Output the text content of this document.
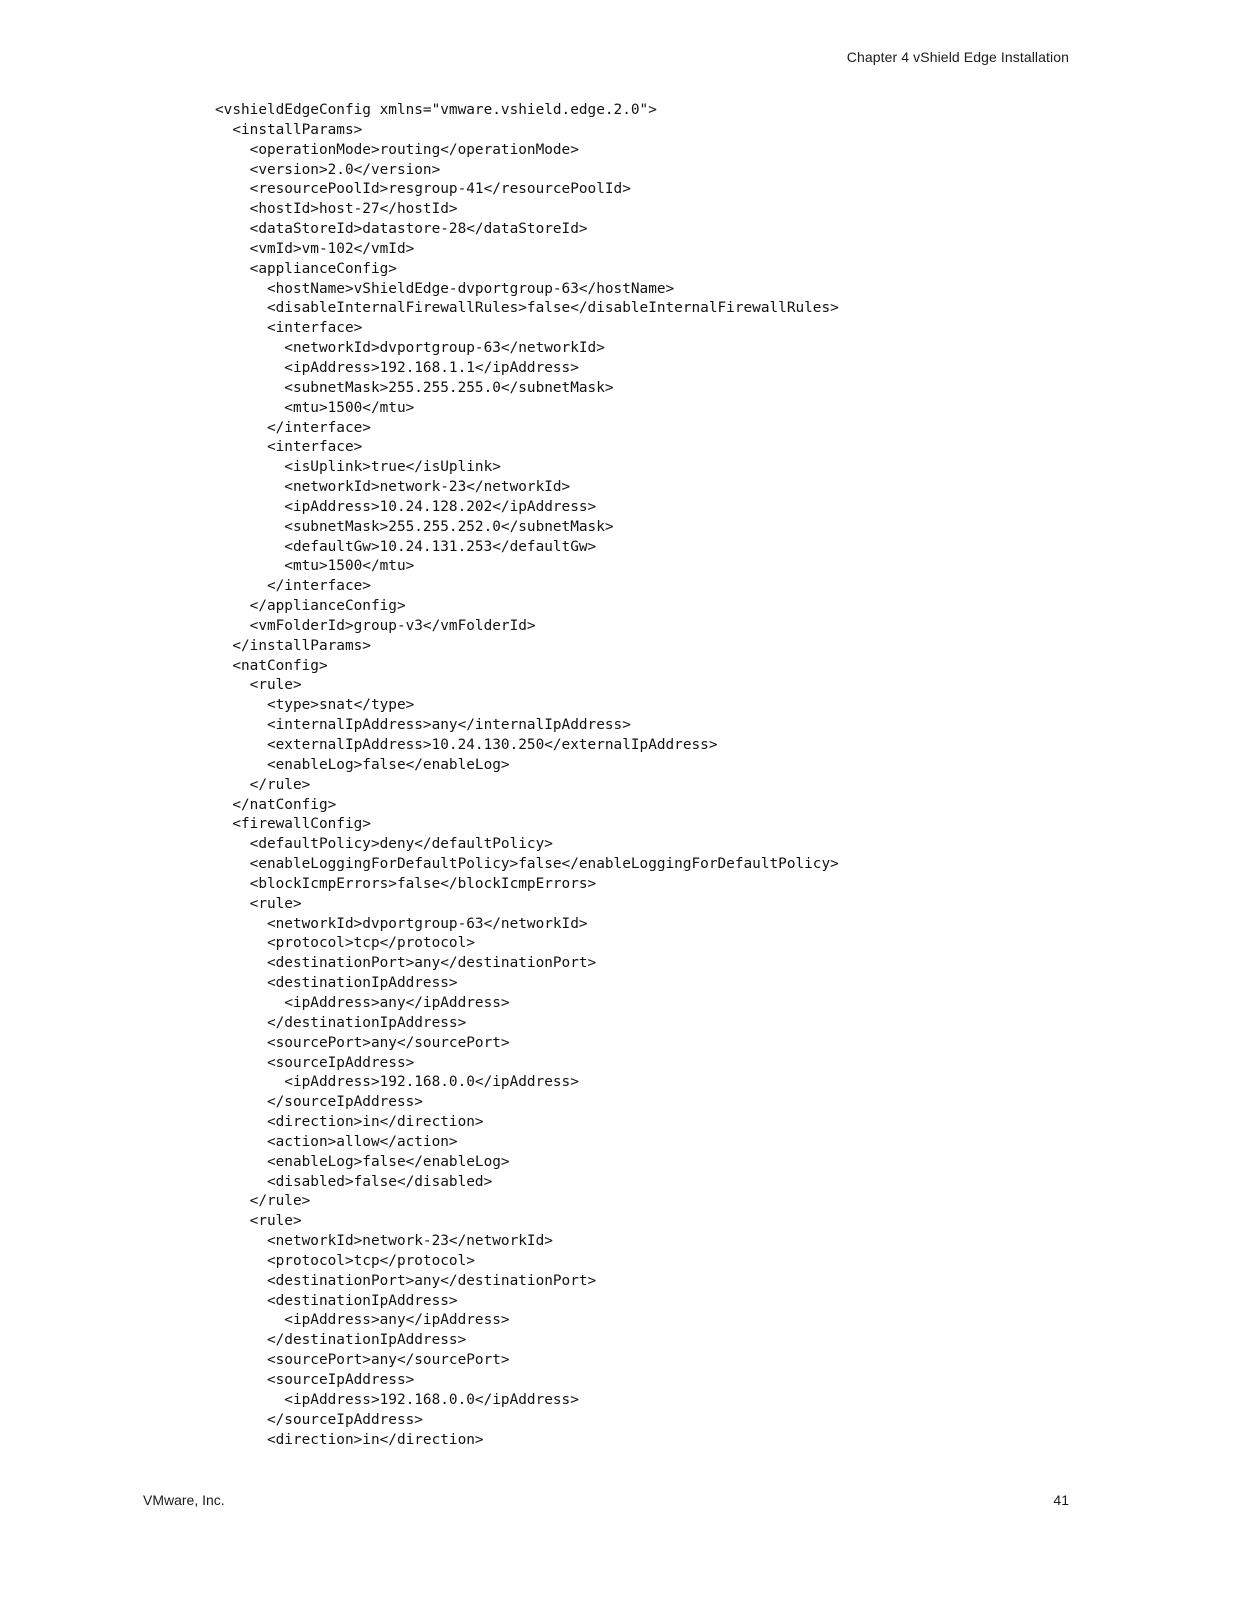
Chapter 4 vShield Edge Installation
<vshieldEdgeConfig xmlns="vmware.vshield.edge.2.0">
<installParams>
<operationMode>routing</operationMode>
<version>2.0</version>
<resourcePoolId>resgroup-41</resourcePoolId>
<hostId>host-27</hostId>
<dataStoreId>datastore-28</dataStoreId>
<vmId>vm-102</vmId>
<applianceConfig>
<hostName>vShieldEdge-dvportgroup-63</hostName>
<disableInternalFirewallRules>false</disableInternalFirewallRules>
<interface>
<networkId>dvportgroup-63</networkId>
<ipAddress>192.168.1.1</ipAddress>
<subnetMask>255.255.255.0</subnetMask>
<mtu>1500</mtu>
</interface>
<interface>
<isUplink>true</isUplink>
<networkId>network-23</networkId>
<ipAddress>10.24.128.202</ipAddress>
<subnetMask>255.255.252.0</subnetMask>
<defaultGw>10.24.131.253</defaultGw>
<mtu>1500</mtu>
</interface>
</applianceConfig>
<vmFolderId>group-v3</vmFolderId>
</installParams>
<natConfig>
<rule>
<type>snat</type>
<internalIpAddress>any</internalIpAddress>
<externalIpAddress>10.24.130.250</externalIpAddress>
<enableLog>false</enableLog>
</rule>
</natConfig>
<firewallConfig>
<defaultPolicy>deny</defaultPolicy>
<enableLoggingForDefaultPolicy>false</enableLoggingForDefaultPolicy>
<blockIcmpErrors>false</blockIcmpErrors>
<rule>
<networkId>dvportgroup-63</networkId>
<protocol>tcp</protocol>
<destinationPort>any</destinationPort>
<destinationIpAddress>
<ipAddress>any</ipAddress>
</destinationIpAddress>
<sourcePort>any</sourcePort>
<sourceIpAddress>
<ipAddress>192.168.0.0</ipAddress>
</sourceIpAddress>
<direction>in</direction>
<action>allow</action>
<enableLog>false</enableLog>
<disabled>false</disabled>
</rule>
<rule>
<networkId>network-23</networkId>
<protocol>tcp</protocol>
<destinationPort>any</destinationPort>
<destinationIpAddress>
<ipAddress>any</ipAddress>
</destinationIpAddress>
<sourcePort>any</sourcePort>
<sourceIpAddress>
<ipAddress>192.168.0.0</ipAddress>
</sourceIpAddress>
<direction>in</direction>
VMware, Inc.	41
